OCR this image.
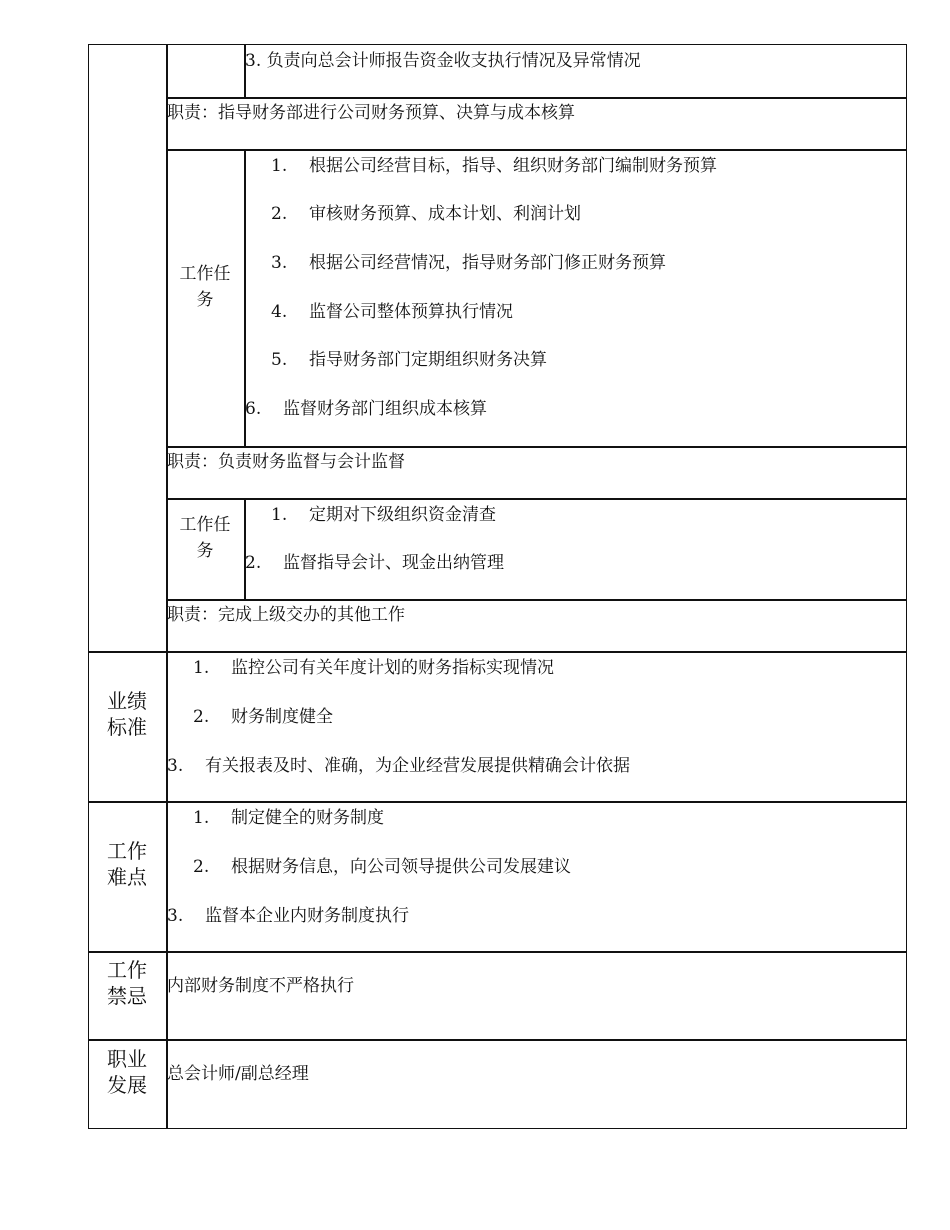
3. 负责向总会计师报告资金收支执行情况及异常情况
职责：指导财务部进行公司财务预算、决算与成本核算
工作任务
1. 根据公司经营目标，指导、组织财务部门编制财务预算
2. 审核财务预算、成本计划、利润计划
3. 根据公司经营情况，指导财务部门修正财务预算
4. 监督公司整体预算执行情况
5. 指导财务部门定期组织财务决算
6. 监督财务部门组织成本核算
职责：负责财务监督与会计监督
工作任务
1. 定期对下级组织资金清查
2. 监督指导会计、现金出纳管理
职责：完成上级交办的其他工作
业绩标准
1. 监控公司有关年度计划的财务指标实现情况
2. 财务制度健全
3. 有关报表及时、准确，为企业经营发展提供精确会计依据
工作难点
1. 制定健全的财务制度
2. 根据财务信息，向公司领导提供公司发展建议
3. 监督本企业内财务制度执行
工作禁忌 内部财务制度不严格执行
职业发展 总会计师/副总经理
